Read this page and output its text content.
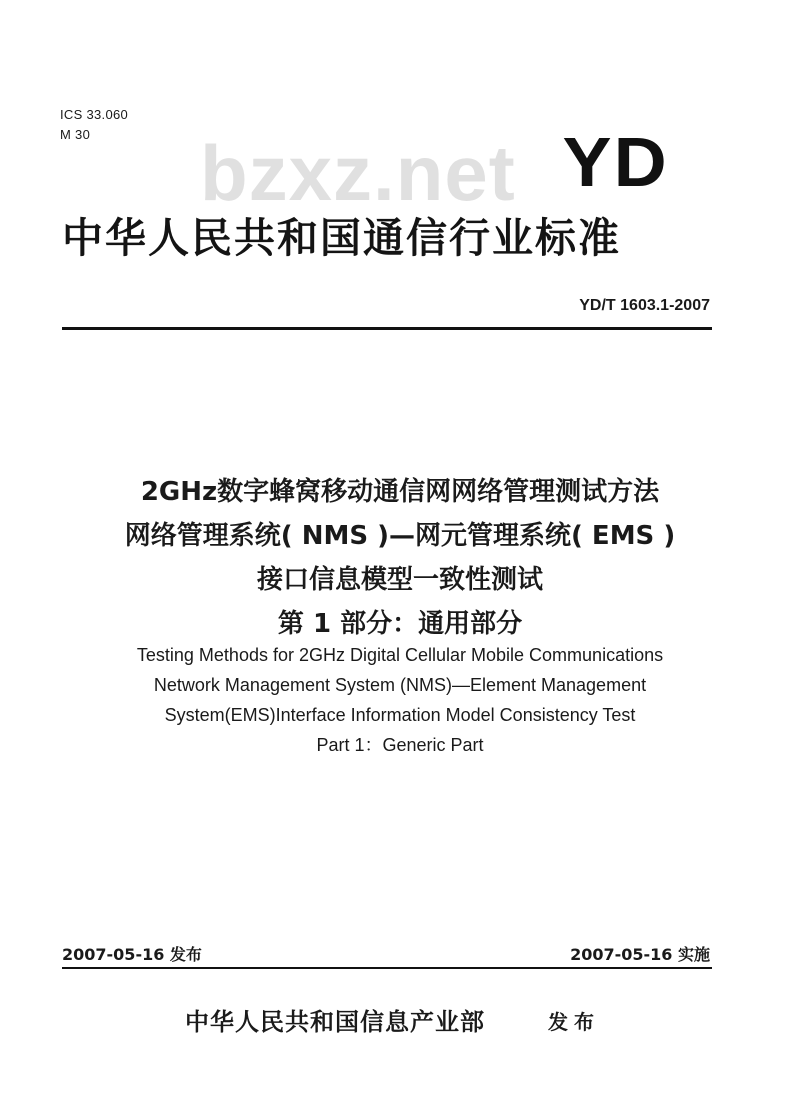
ICS 33.060
M 30 bzxz.net YD
中华人民共和国通信行业标准
YD/T 1603.1-2007
2GHz数字蜂窝移动通信网网络管理测试方法
网络管理系统( NMS )—网元管理系统( EMS )
接口信息模型一致性测试
第 1 部分：通用部分
Testing Methods for 2GHz Digital Cellular Mobile Communications
Network Management System (NMS)—Element Management
System(EMS)Interface Information Model Consistency Test
Part 1：Generic Part
2007-05-16 发布	2007-05-16 实施
中华人民共和国信息产业部	发布
